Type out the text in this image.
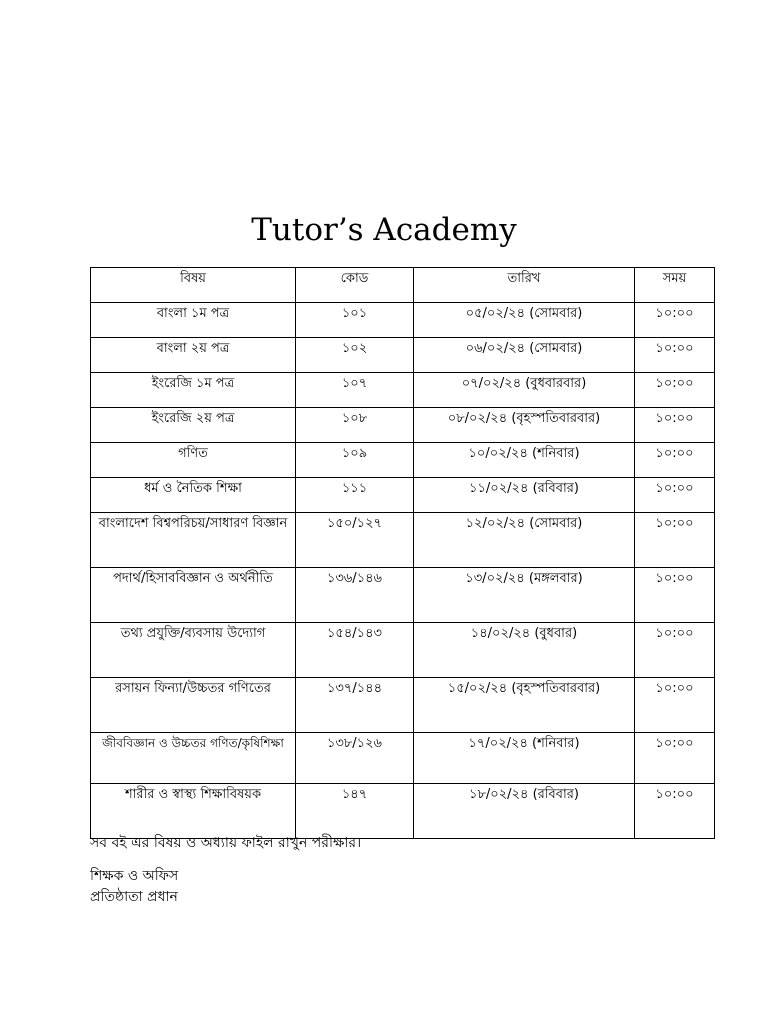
Tutor’s Academy
বিষয়	কোড	তারিখ	সময়
বাংলা ১ম পত্র	১০১	০৫/০২/২৪ (সোমবার)	১০:০০
বাংলা ২য় পত্র	১০২	০৬/০২/২৪ (সোমবার)	১০:০০
ইংরেজি ১ম পত্র	১০৭	০৭/০২/২৪ (বুধবারবার)	১০:০০
ইংরেজি ২য় পত্র	১০৮	০৮/০২/২৪ (বৃহস্পতিবারবার)	১০:০০
গণিত	১০৯	১০/০২/২৪ (শনিবার)	১০:০০
ধর্ম ও নৈতিক শিক্ষা	১১১	১১/০২/২৪ (রবিবার)	১০:০০
বাংলাদেশ বিশ্বপরিচয়/সাধারণ বিজ্ঞান	১৫০/১২৭	১২/০২/২৪ (সোমবার)	১০:০০
পদার্থ/হিসাববিজ্ঞান ও অর্থনীতি	১৩৬/১৪৬	১৩/০২/২৪ (মঙ্গলবার)	১০:০০
তথ্য প্রযুক্তি/ব্যবসায় উদ্যোগ	১৫৪/১৪৩	১৪/০২/২৪ (বুধবার)	১০:০০
রসায়ন ফিন্যা/উচ্চতর গণিতের	১৩৭/১৪৪	১৫/০২/২৪ (বৃহস্পতিবারবার)	১০:০০
জীববিজ্ঞান ও উচ্চতর গণিত/কৃষিশিক্ষা	১৩৮/১২৬	১৭/০২/২৪ (শনিবার)	১০:০০
শারীর ও স্বাস্থ্য শিক্ষাবিষয়ক	১৪৭	১৮/০২/২৪ (রবিবার)	১০:০০
সব বই এর বিষয় ও অধ্যায় ফাইল রাখুন পরীক্ষার।
শিক্ষক ও অফিস
প্রতিষ্ঠাতা প্রধান
